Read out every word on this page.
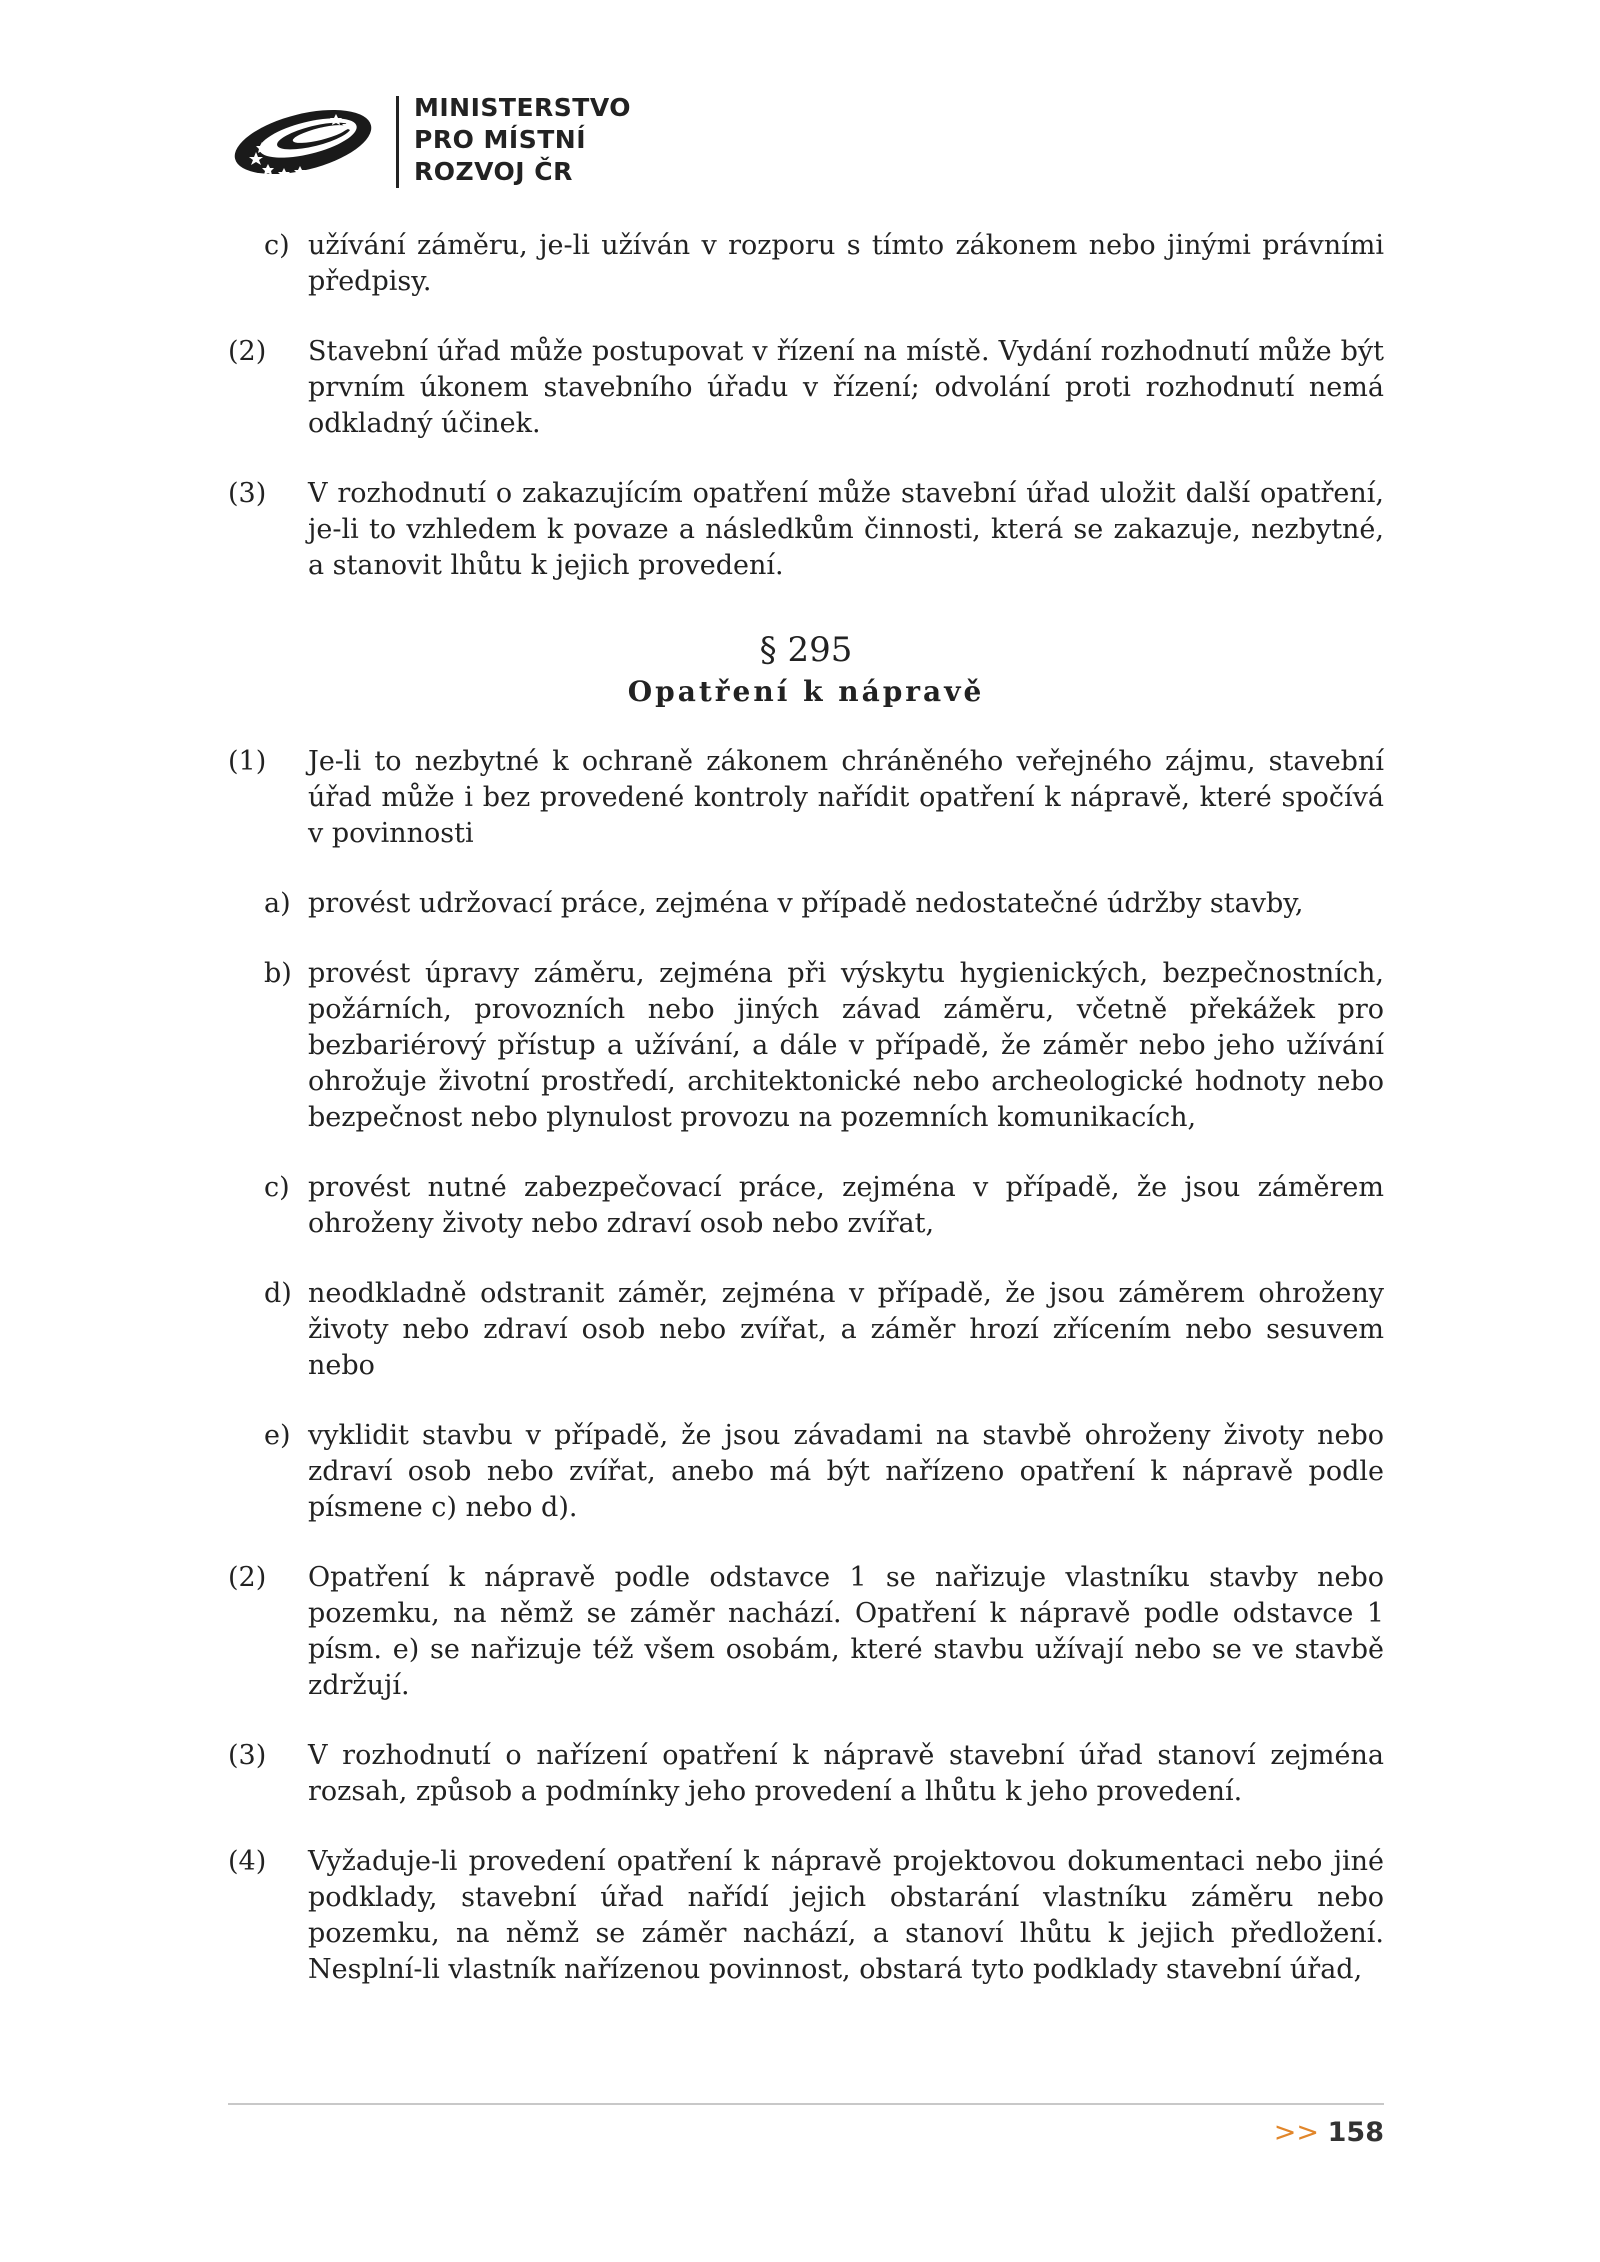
MINISTERSTVO
PRO MÍSTNÍ
ROZVOJ ČR
c) užívání záměru, je-li užíván v rozporu s tímto zákonem nebo jinými právními předpisy.
(2) Stavební úřad může postupovat v řízení na místě. Vydání rozhodnutí může být prvním úkonem stavebního úřadu v řízení; odvolání proti rozhodnutí nemá odkladný účinek.
(3) V rozhodnutí o zakazujícím opatření může stavební úřad uložit další opatření, je-li to vzhledem k povaze a následkům činnosti, která se zakazuje, nezbytné, a stanovit lhůtu k jejich provedení.
§ 295
Opatření k nápravě
(1) Je-li to nezbytné k ochraně zákonem chráněného veřejného zájmu, stavební úřad může i bez provedené kontroly nařídit opatření k nápravě, které spočívá v povinnosti
a) provést udržovací práce, zejména v případě nedostatečné údržby stavby,
b) provést úpravy záměru, zejména při výskytu hygienických, bezpečnostních, požárních, provozních nebo jiných závad záměru, včetně překážek pro bezbariérový přístup a užívání, a dále v případě, že záměr nebo jeho užívání ohrožuje životní prostředí, architektonické nebo archeologické hodnoty nebo bezpečnost nebo plynulost provozu na pozemních komunikacích,
c) provést nutné zabezpečovací práce, zejména v případě, že jsou záměrem ohroženy životy nebo zdraví osob nebo zvířat,
d) neodkladně odstranit záměr, zejména v případě, že jsou záměrem ohroženy životy nebo zdraví osob nebo zvířat, a záměr hrozí zřícením nebo sesuvem nebo
e) vyklidit stavbu v případě, že jsou závadami na stavbě ohroženy životy nebo zdraví osob nebo zvířat, anebo má být nařízeno opatření k nápravě podle písmene c) nebo d).
(2) Opatření k nápravě podle odstavce 1 se nařizuje vlastníku stavby nebo pozemku, na němž se záměr nachází. Opatření k nápravě podle odstavce 1 písm. e) se nařizuje též všem osobám, které stavbu užívají nebo se ve stavbě zdržují.
(3) V rozhodnutí o nařízení opatření k nápravě stavební úřad stanoví zejména rozsah, způsob a podmínky jeho provedení a lhůtu k jeho provedení.
(4) Vyžaduje-li provedení opatření k nápravě projektovou dokumentaci nebo jiné podklady, stavební úřad nařídí jejich obstarání vlastníku záměru nebo pozemku, na němž se záměr nachází, a stanoví lhůtu k jejich předložení. Nesplní-li vlastník nařízenou povinnost, obstará tyto podklady stavební úřad,
>> 158
